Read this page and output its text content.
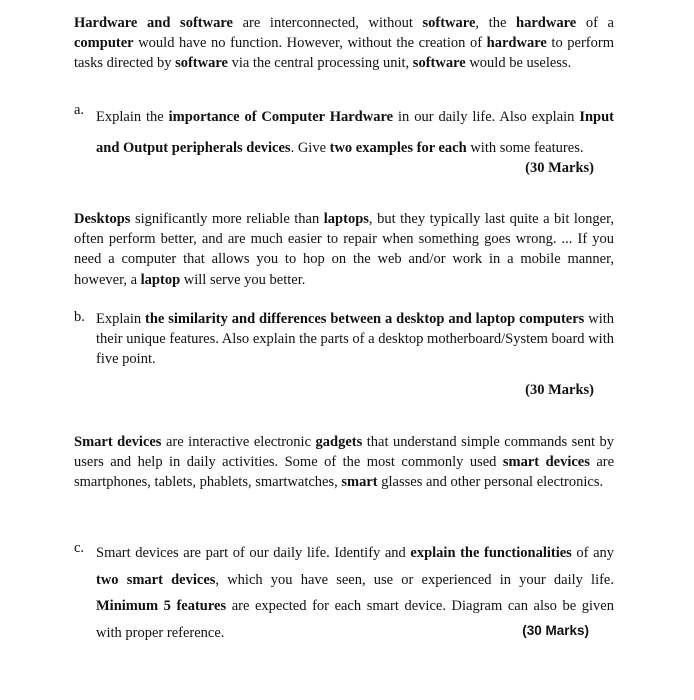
Hardware and software are interconnected, without software, the hardware of a computer would have no function. However, without the creation of hardware to perform tasks directed by software via the central processing unit, software would be useless.

a. Explain the importance of Computer Hardware in our daily life. Also explain Input and Output peripherals devices. Give two examples for each with some features.

(30 Marks)

Desktops significantly more reliable than laptops, but they typically last quite a bit longer, often perform better, and are much easier to repair when something goes wrong. ... If you need a computer that allows you to hop on the web and/or work in a mobile manner, however, a laptop will serve you better.

b. Explain the similarity and differences between a desktop and laptop computers with their unique features. Also explain the parts of a desktop motherboard/System board with five point.

(30 Marks)

Smart devices are interactive electronic gadgets that understand simple commands sent by users and help in daily activities. Some of the most commonly used smart devices are smartphones, tablets, phablets, smartwatches, smart glasses and other personal electronics.

c. Smart devices are part of our daily life. Identify and explain the functionalities of any two smart devices, which you have seen, use or experienced in your daily life. Minimum 5 features are expected for each smart device. Diagram can also be given with proper reference.	(30 Marks)
